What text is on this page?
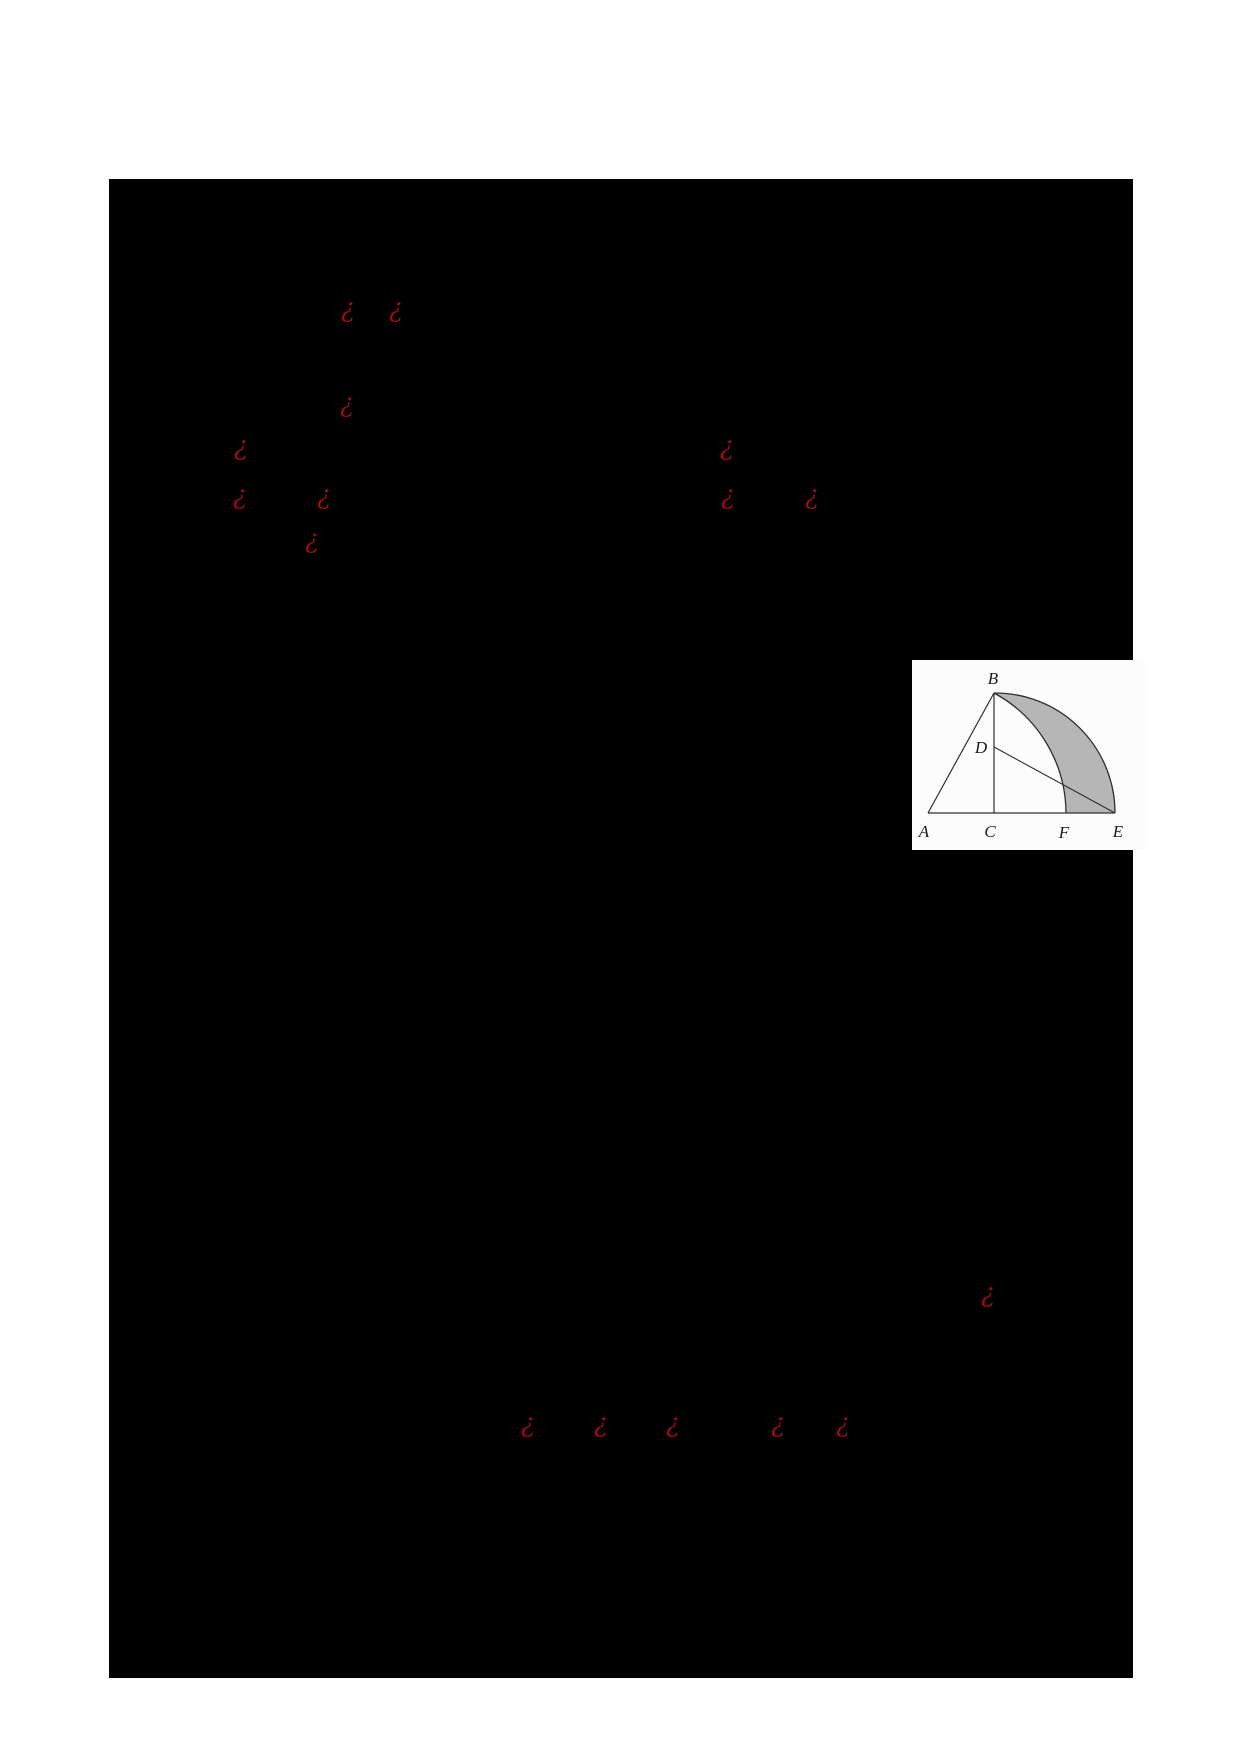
¿ ¿
¿
¿
¿	¿
¿
¿
¿	¿
¿
¿ ¿ ¿	¿ ¿
B
D
A	C	F	E
